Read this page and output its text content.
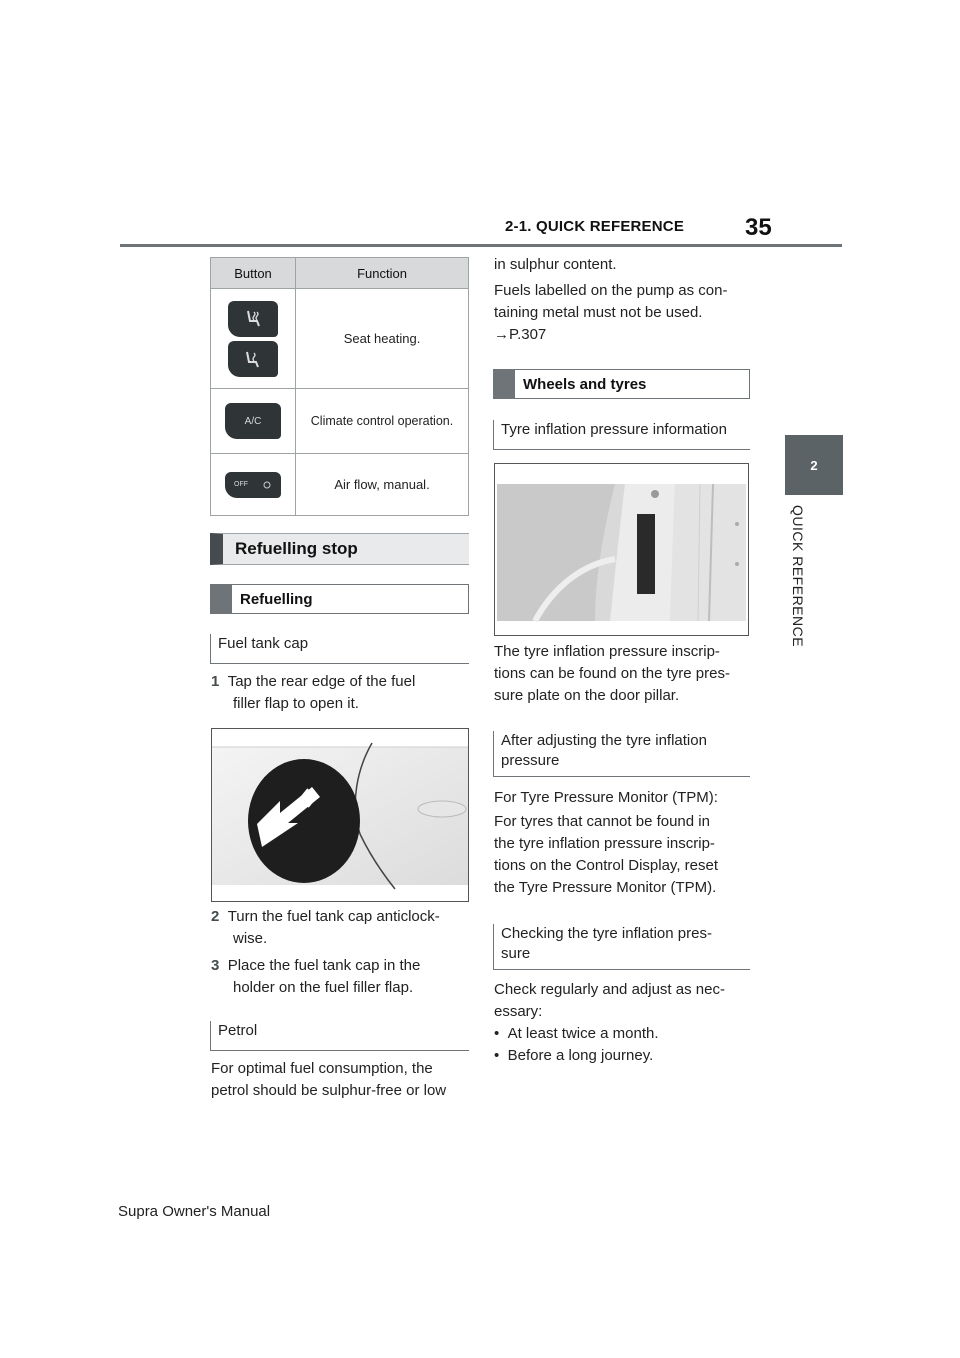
2-1. QUICK REFERENCE	35
2
QUICK REFERENCE
Button	Function

	Seat heating.

A/C	Climate control operation.

OFF	Air flow, manual.
Refuelling stop
Refuelling
Fuel tank cap
1 Tap the rear edge of the fuel
filler flap to open it.
2 Turn the fuel tank cap anticlock-
wise.
3 Place the fuel tank cap in the
holder on the fuel filler flap.
Petrol
For optimal fuel consumption, the
petrol should be sulphur-free or low
in sulphur content.
Fuels labelled on the pump as con-
taining metal must not be used.
→P.307
Wheels and tyres
Tyre inflation pressure information
The tyre inflation pressure inscrip-
tions can be found on the tyre pres-
sure plate on the door pillar.
After adjusting the tyre inflation
pressure
For Tyre Pressure Monitor (TPM):
For tyres that cannot be found in
the tyre inflation pressure inscrip-
tions on the Control Display, reset
the Tyre Pressure Monitor (TPM).
Checking the tyre inflation pres-
sure
Check regularly and adjust as nec-
essary:
•  At least twice a month.
•  Before a long journey.
Supra Owner's Manual
